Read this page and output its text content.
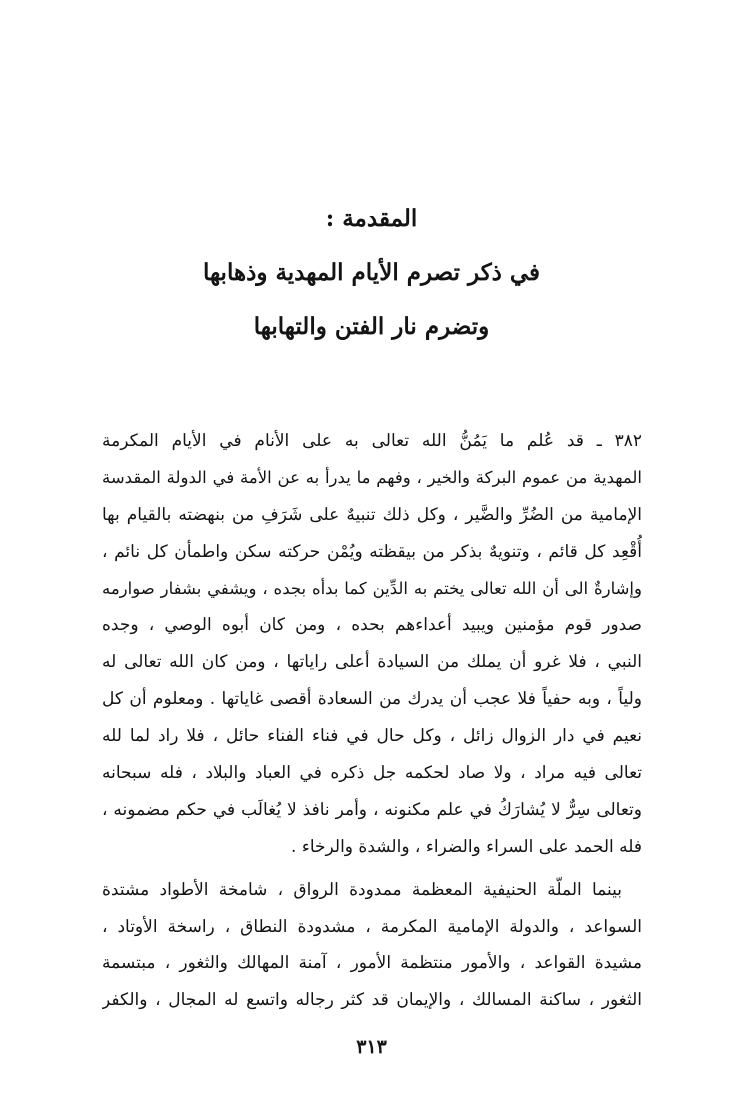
المقدمة :
في ذكر تصرم الأيام المهدية وذهابها
وتضرم نار الفتن والتهابها
٣٨٢ ـ قد عُلم ما يَمُنُّ الله تعالى به على الأنام في الأيام المكرمة
المهدية من عموم البركة والخير ، وفهم ما يدرأ به عن الأمة في الدولة المقدسة
الإمامية من الضُرِّ والضَّير ، وكل ذلك تنبيهٌ على شَرَفِ من بنهضته بالقيام بها
أُقْعِد كل قائم ، وتنويهٌ بذكر من بيقظته ويُمْن حركته سكن واطمأن كل نائم ،
وإشارةٌ الى أن الله تعالى يختم به الدِّين كما بدأه بجده ، ويشفي بشفار صوارمه
صدور قوم مؤمنين ويبيد أعداءهم بحده ، ومن كان أبوه الوصي ، وجده
النبي ، فلا غرو أن يملك من السيادة أعلى راياتها ، ومن كان الله تعالى له
ولياً ، وبه حفياً فلا عجب أن يدرك من السعادة أقصى غاياتها . ومعلوم أن كل
نعيم في دار الزوال زائل ، وكل حال في فناء الفناء حائل ، فلا راد لما لله
تعالى فيه مراد ، ولا صاد لحكمه جل ذكره في العباد والبلاد ، فله سبحانه
وتعالى سِرٌّ لا يُشارَكُ في علم مكنونه ، وأمر نافذ لا يُغالَب في حكم مضمونه ،
فله الحمد على السراء والضراء ، والشدة والرخاء .
بينما الملّة الحنيفية المعظمة ممدودة الرواق ، شامخة الأطواد مشتدة
السواعد ، والدولة الإمامية المكرمة ، مشدودة النطاق ، راسخة الأوتاد ،
مشيدة القواعد ، والأمور منتظمة الأمور ، آمنة المهالك والثغور ، مبتسمة
الثغور ، ساكنة المسالك ، والإيمان قد كثر رجاله واتسع له المجال ، والكفر
٣١٣
